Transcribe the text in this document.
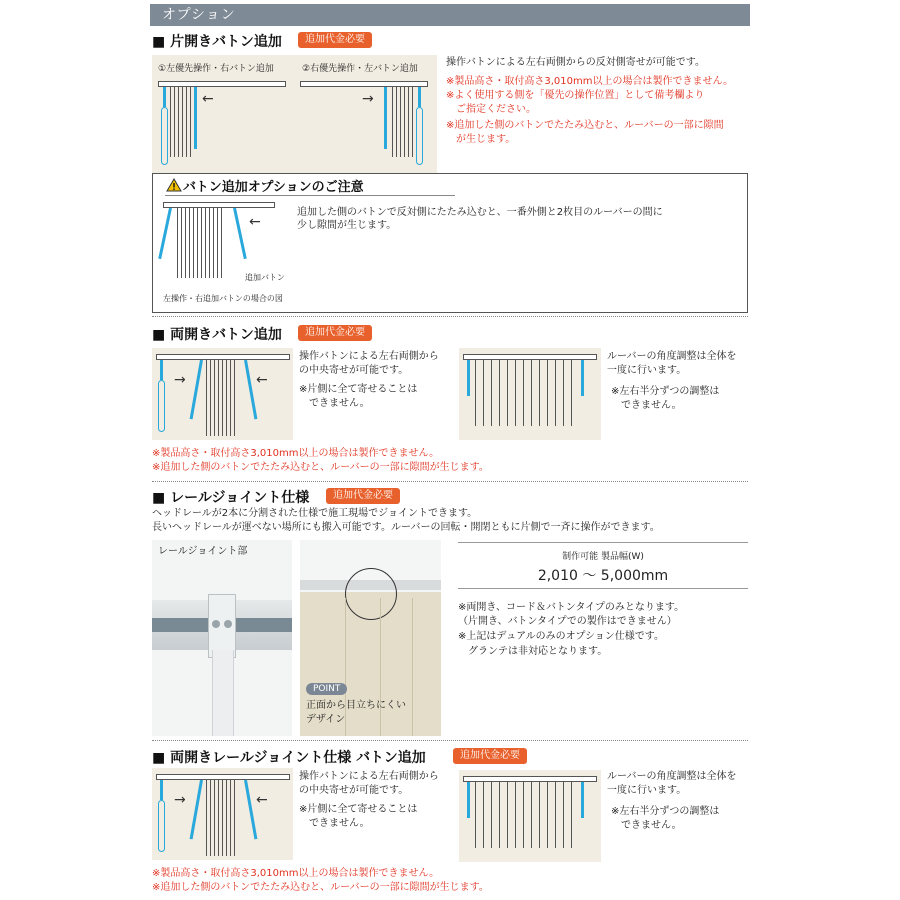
オプション
■ 片開きバトン追加	追加代金必要
①左優先操作・右バトン追加	②右優先操作・左バトン追加
←	→
操作バトンによる左右両側からの反対側寄せが可能です。
※製品高さ・取付高さ3,010mm以上の場合は製作できません。
※よく使用する側を「優先の操作位置」として備考欄より
　ご指定ください。
※追加した側のバトンでたたみ込むと、ルーバーの一部に隙間
　が生じます。
バトン追加オプションのご注意
←
追加バトン
左操作・右追加バトンの場合の図
追加した側のバトンで反対側にたたみ込むと、一番外側と2枚目のルーバーの間に
少し隙間が生じます。
■ 両開きバトン追加	追加代金必要
→	←
操作バトンによる左右両側から
の中央寄せが可能です。
※片側に全て寄せることは
　できません。
ルーバーの角度調整は全体を
一度に行います。
※左右半分ずつの調整は
　できません。
※製品高さ・取付高さ3,010mm以上の場合は製作できません。
※追加した側のバトンでたたみ込むと、ルーバーの一部に隙間が生じます。
■ レールジョイント仕様	追加代金必要
ヘッドレールが2本に分割された仕様で施工現場でジョイントできます。
長いヘッドレールが運べない場所にも搬入可能です。ルーバーの回転・開閉ともに片側で一斉に操作ができます。
レールジョイント部
POINT
正面から目立ちにくい
デザイン
制作可能 製品幅(W)
2,010 ～ 5,000mm
※両開き、コード＆バトンタイプのみとなります。
（片開き、バトンタイプでの製作はできません）
※上記はデュアルのみのオプション仕様です。
　グランテは非対応となります。
■ 両開きレールジョイント仕様 バトン追加	追加代金必要
→	←
操作バトンによる左右両側から
の中央寄せが可能です。
※片側に全て寄せることは
　できません。
ルーバーの角度調整は全体を
一度に行います。
※左右半分ずつの調整は
　できません。
※製品高さ・取付高さ3,010mm以上の場合は製作できません。
※追加した側のバトンでたたみ込むと、ルーバーの一部に隙間が生じます。
